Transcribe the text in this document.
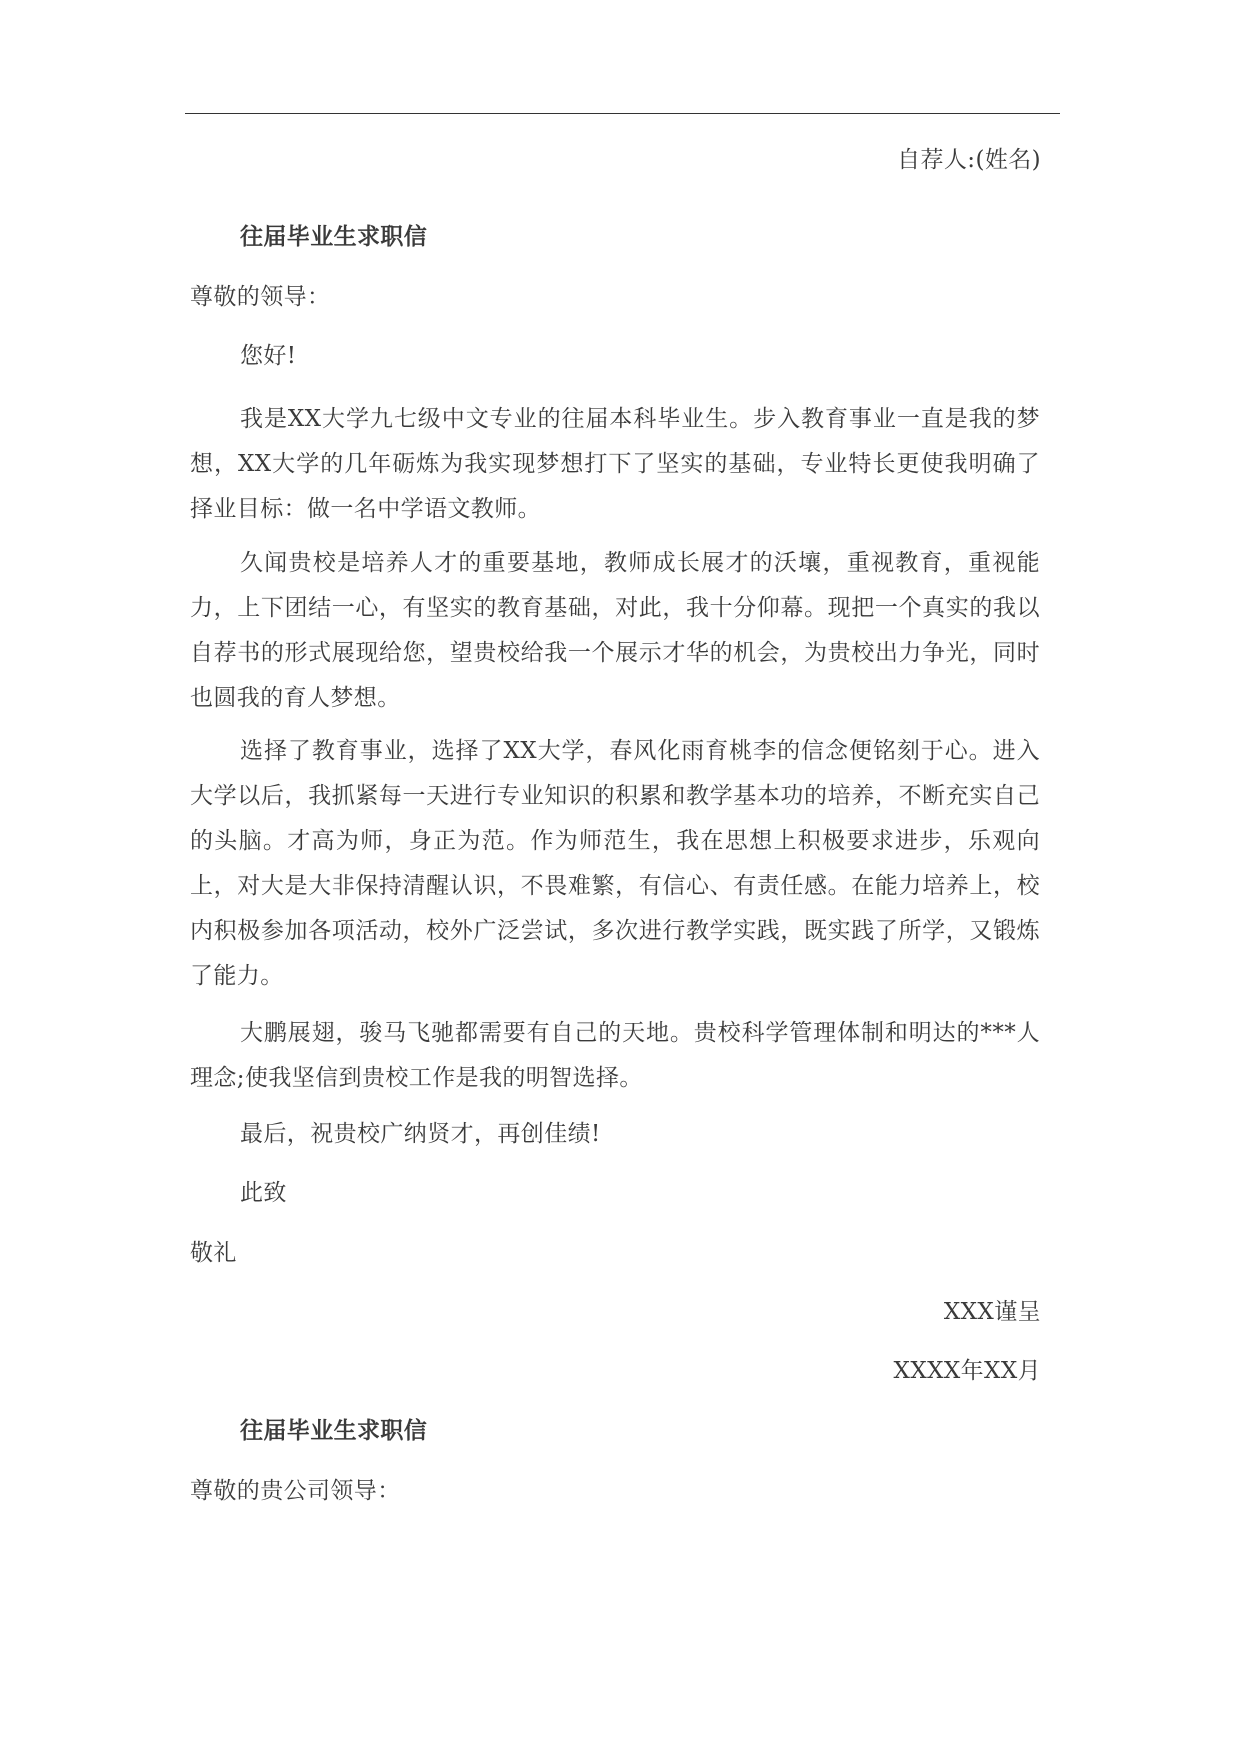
自荐人:(姓名)
往届毕业生求职信
尊敬的领导：
您好!
我是XX大学九七级中文专业的往届本科毕业生。步入教育事业一直是我的梦想，XX大学的几年砺炼为我实现梦想打下了坚实的基础，专业特长更使我明确了择业目标：做一名中学语文教师。
久闻贵校是培养人才的重要基地，教师成长展才的沃壤，重视教育，重视能力，上下团结一心，有坚实的教育基础，对此，我十分仰幕。现把一个真实的我以自荐书的形式展现给您，望贵校给我一个展示才华的机会，为贵校出力争光，同时也圆我的育人梦想。
选择了教育事业，选择了XX大学，春风化雨育桃李的信念便铭刻于心。进入大学以后，我抓紧每一天进行专业知识的积累和教学基本功的培养，不断充实自己的头脑。才高为师，身正为范。作为师范生，我在思想上积极要求进步，乐观向上，对大是大非保持清醒认识，不畏难繁，有信心、有责任感。在能力培养上，校内积极参加各项活动，校外广泛尝试，多次进行教学实践，既实践了所学，又锻炼了能力。
大鹏展翅，骏马飞驰都需要有自己的天地。贵校科学管理体制和明达的***人理念;使我坚信到贵校工作是我的明智选择。
最后，祝贵校广纳贤才，再创佳绩!
此致
敬礼
XXX谨呈
XXXX年XX月
往届毕业生求职信
尊敬的贵公司领导：
